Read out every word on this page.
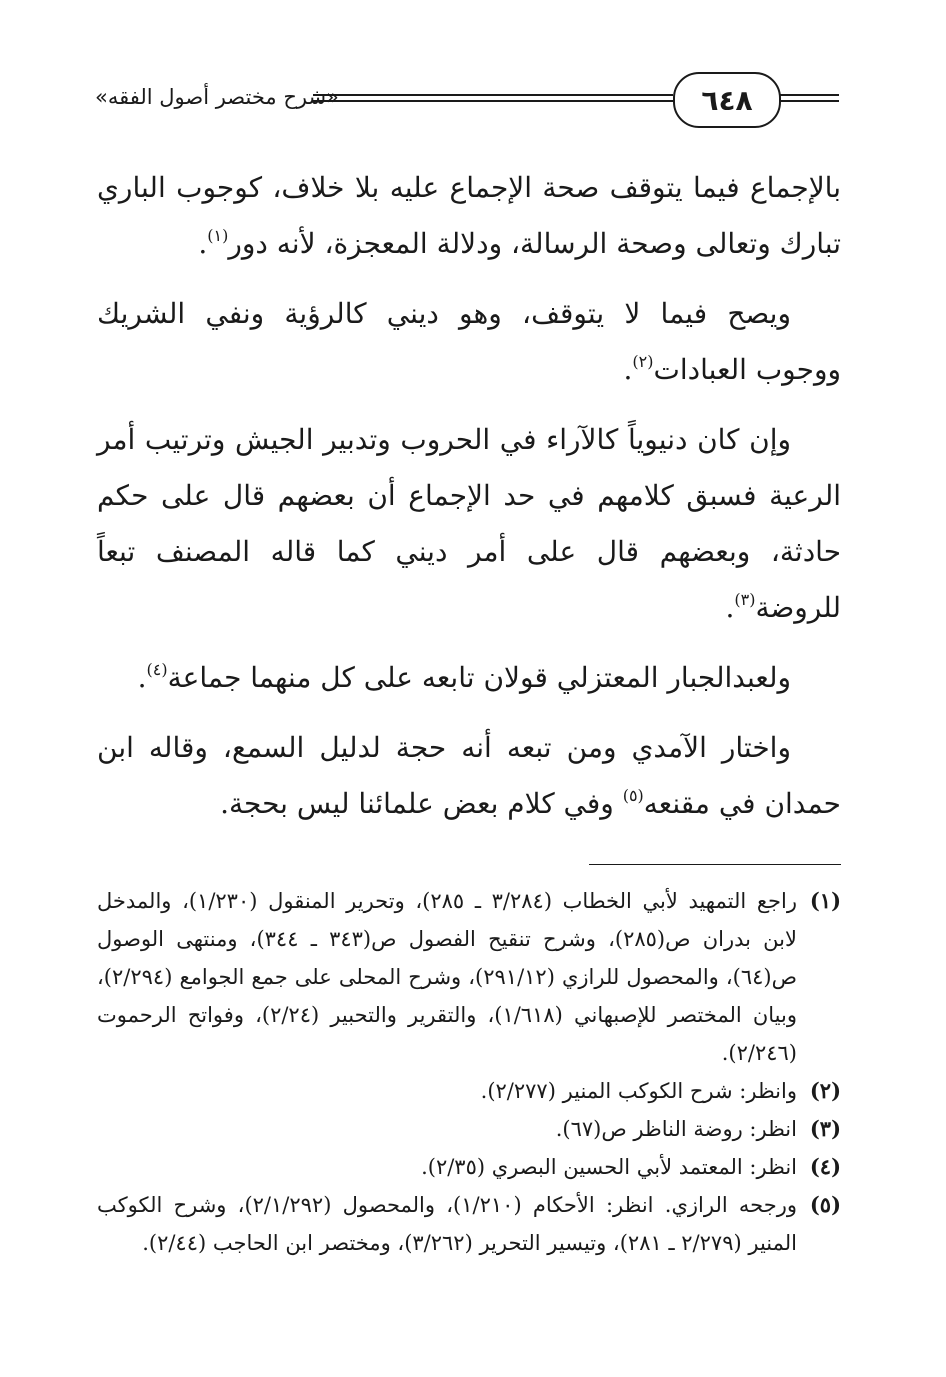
«شرح مختصر أصول الفقه»	٦٤٨

بالإجماع فيما يتوقف صحة الإجماع عليه بلا خلاف، كوجوب الباري تبارك وتعالى وصحة الرسالة، ودلالة المعجزة، لأنه دور$^{(١)}$.

ويصح فيما لا يتوقف، وهو ديني كالرؤية ونفي الشريك ووجوب العبادات$^{(٢)}$.

وإن كان دنيوياً كالآراء في الحروب وتدبير الجيش وترتيب أمر الرعية فسبق كلامهم في حد الإجماع أن بعضهم قال على حكم حادثة، وبعضهم قال على أمر ديني كما قاله المصنف تبعاً للروضة$^{(٣)}$.

ولعبدالجبار المعتزلي قولان تابعه على كل منهما جماعة$^{(٤)}$.

واختار الآمدي ومن تبعه أنه حجة لدليل السمع، وقاله ابن حمدان في مقنعه$^{(٥)}$ وفي كلام بعض علمائنا ليس بحجة.

(١)
راجع التمهيد لأبي الخطاب (٣/٢٨٤ ـ ٢٨٥)، وتحرير المنقول (١/٢٣٠)، والمدخل لابن بدران ص(٢٨٥)، وشرح تنقيح الفصول ص(٣٤٣ ـ ٣٤٤)، ومنتهى الوصول ص(٦٤)، والمحصول للرازي (٢٩١/١٢)، وشرح المحلى على جمع الجوامع (٢/٢٩٤)، وبيان المختصر للإصبهاني (١/٦١٨)، والتقرير والتحبير (٢/٢٤)، وفواتح الرحموت (٢/٢٤٦).
(٢)
وانظر: شرح الكوكب المنير (٢/٢٧٧).
(٣)
انظر: روضة الناظر ص(٦٧).
(٤)
انظر: المعتمد لأبي الحسين البصري (٢/٣٥).
(٥)
ورجحه الرازي. انظر: الأحكام (١/٢١٠)، والمحصول (٢/١/٢٩٢)، وشرح الكوكب المنير (٢/٢٧٩ ـ ٢٨١)، وتيسير التحرير (٣/٢٦٢)، ومختصر ابن الحاجب (٢/٤٤).
